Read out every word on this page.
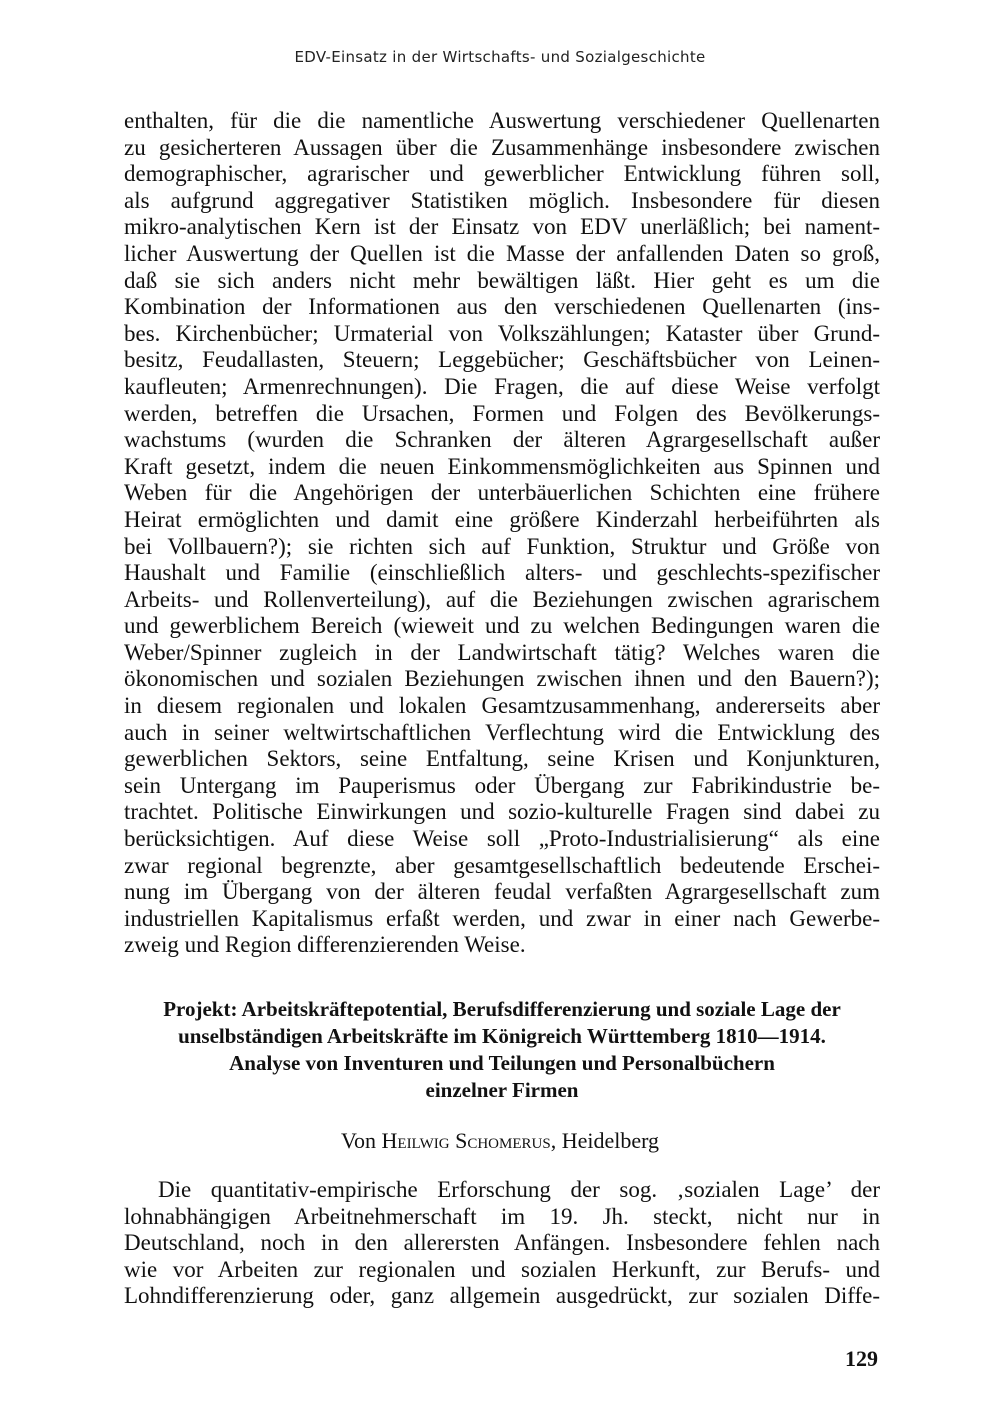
EDV-Einsatz in der Wirtschafts- und Sozialgeschichte
enthalten, für die die namentliche Auswertung verschiedener Quellenarten
zu gesicherteren Aussagen über die Zusammenhänge insbesondere zwischen
demographischer, agrarischer und gewerblicher Entwicklung führen soll,
als aufgrund aggregativer Statistiken möglich. Insbesondere für diesen
mikro-analytischen Kern ist der Einsatz von EDV unerläßlich; bei nament-
licher Auswertung der Quellen ist die Masse der anfallenden Daten so groß,
daß sie sich anders nicht mehr bewältigen läßt. Hier geht es um die
Kombination der Informationen aus den verschiedenen Quellenarten (ins-
bes. Kirchenbücher; Urmaterial von Volkszählungen; Kataster über Grund-
besitz, Feudallasten, Steuern; Leggebücher; Geschäftsbücher von Leinen-
kaufleuten; Armenrechnungen). Die Fragen, die auf diese Weise verfolgt
werden, betreffen die Ursachen, Formen und Folgen des Bevölkerungs-
wachstums (wurden die Schranken der älteren Agrargesellschaft außer
Kraft gesetzt, indem die neuen Einkommensmöglichkeiten aus Spinnen und
Weben für die Angehörigen der unterbäuerlichen Schichten eine frühere
Heirat ermöglichten und damit eine größere Kinderzahl herbeiführten als
bei Vollbauern?); sie richten sich auf Funktion, Struktur und Größe von
Haushalt und Familie (einschließlich alters- und geschlechts-spezifischer
Arbeits- und Rollenverteilung), auf die Beziehungen zwischen agrarischem
und gewerblichem Bereich (wieweit und zu welchen Bedingungen waren die
Weber/Spinner zugleich in der Landwirtschaft tätig? Welches waren die
ökonomischen und sozialen Beziehungen zwischen ihnen und den Bauern?);
in diesem regionalen und lokalen Gesamtzusammenhang, andererseits aber
auch in seiner weltwirtschaftlichen Verflechtung wird die Entwicklung des
gewerblichen Sektors, seine Entfaltung, seine Krisen und Konjunkturen,
sein Untergang im Pauperismus oder Übergang zur Fabrikindustrie be-
trachtet. Politische Einwirkungen und sozio-kulturelle Fragen sind dabei zu
berücksichtigen. Auf diese Weise soll „Proto-Industrialisierung“ als eine
zwar regional begrenzte, aber gesamtgesellschaftlich bedeutende Erschei-
nung im Übergang von der älteren feudal verfaßten Agrargesellschaft zum
industriellen Kapitalismus erfaßt werden, und zwar in einer nach Gewerbe-
zweig und Region differenzierenden Weise.
Projekt: Arbeitskräftepotential, Berufsdifferenzierung und soziale Lage der
unselbständigen Arbeitskräfte im Königreich Württemberg 1810—1914.
Analyse von Inventuren und Teilungen und Personalbüchern
einzelner Firmen
Von Heilwig Schomerus, Heidelberg
Die quantitativ-empirische Erforschung der sog. ‚sozialen Lage’ der
lohnabhängigen Arbeitnehmerschaft im 19. Jh. steckt, nicht nur in
Deutschland, noch in den allerersten Anfängen. Insbesondere fehlen nach
wie vor Arbeiten zur regionalen und sozialen Herkunft, zur Berufs- und
Lohndifferenzierung oder, ganz allgemein ausgedrückt, zur sozialen Diffe-
129
